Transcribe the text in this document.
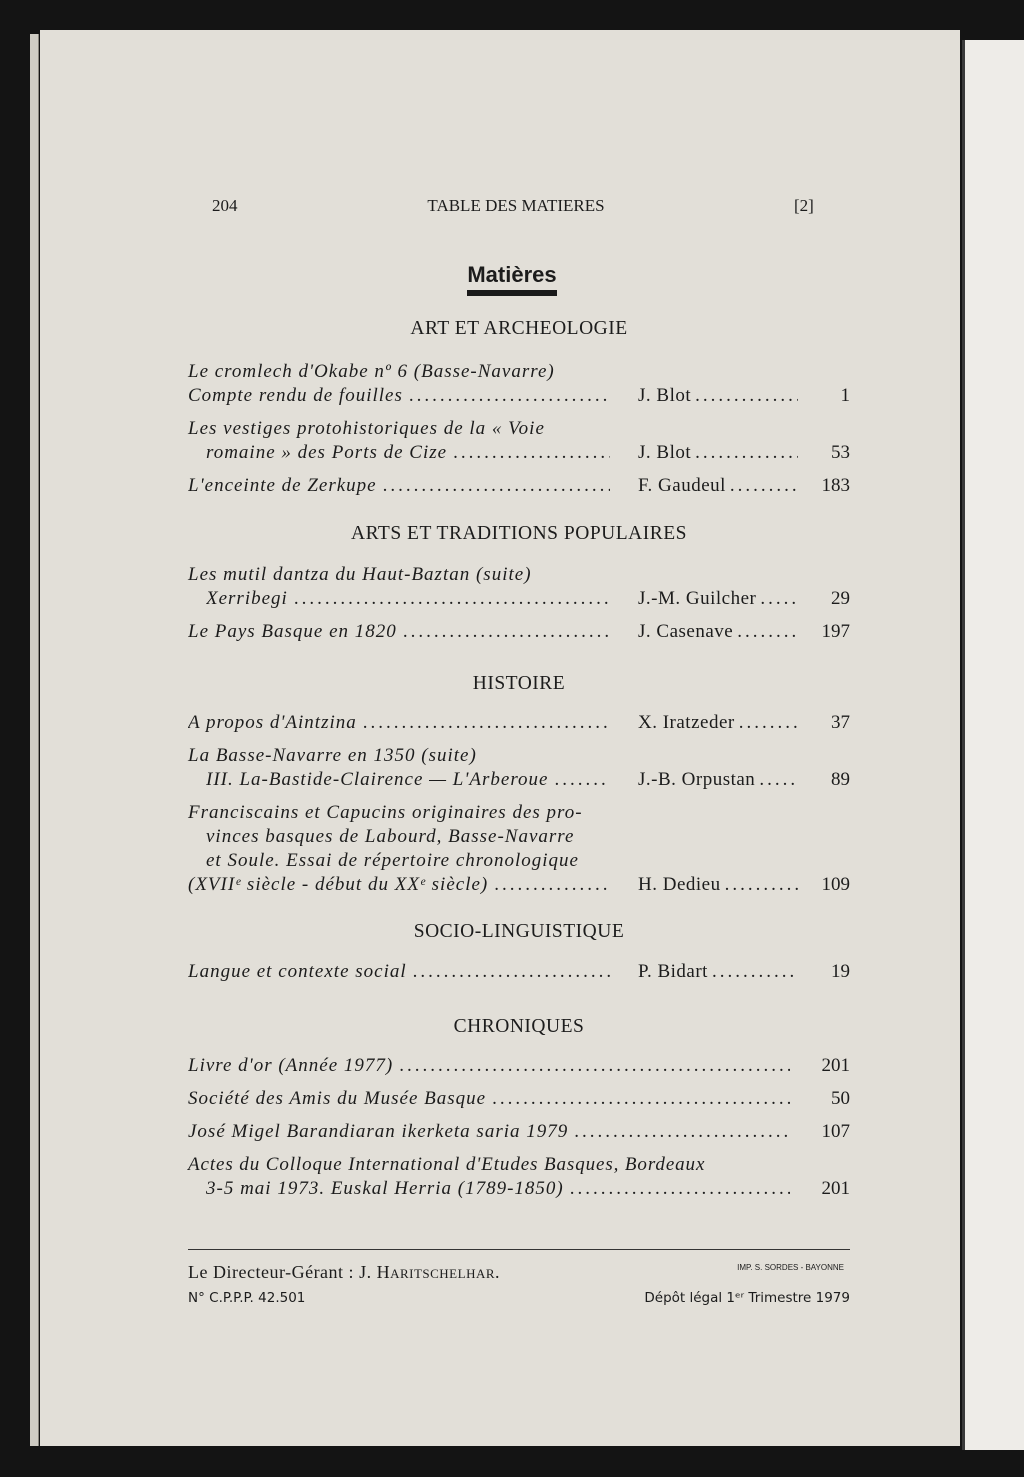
204	TABLE DES MATIERES	[2]
Matières
ART ET ARCHEOLOGIE
Le cromlech d'Okabe nº 6 (Basse-Navarre)
Compte rendu de fouilles .....	J. Blot .....	1
Les vestiges protohistoriques de la « Voie
romaine » des Ports de Cize .....	J. Blot .....	53
L'enceinte de Zerkupe .....	F. Gaudeul .....	183
ARTS ET TRADITIONS POPULAIRES
Les mutil dantza du Haut-Baztan (suite)
Xerribegi .....	J.-M. Guilcher .....	29
Le Pays Basque en 1820 .....	J. Casenave .....	197
HISTOIRE
A propos d'Aintzina .....	X. Iratzeder .....	37
La Basse-Navarre en 1350 (suite)
III. La-Bastide-Clairence — L'Arberoue .....	J.-B. Orpustan .....	89
Franciscains et Capucins originaires des pro-
vinces basques de Labourd, Basse-Navarre
et Soule. Essai de répertoire chronologique
(XVIIᵉ siècle - début du XXᵉ siècle) .....	H. Dedieu .....	109
SOCIO-LINGUISTIQUE
Langue et contexte social .....	P. Bidart .....	19
CHRONIQUES
Livre d'or (Année 1977) .....	201
Société des Amis du Musée Basque .....	50
José Migel Barandiaran ikerketa saria 1979 .....	107
Actes du Colloque International d'Etudes Basques, Bordeaux
3-5 mai 1973. Euskal Herria (1789-1850) .....	201
Le Directeur-Gérant : J. Haritschelhar.	IMP. S. SORDES - BAYONNE
N° C.P.P.P. 42.501	Dépôt légal 1ᵉʳ Trimestre 1979
